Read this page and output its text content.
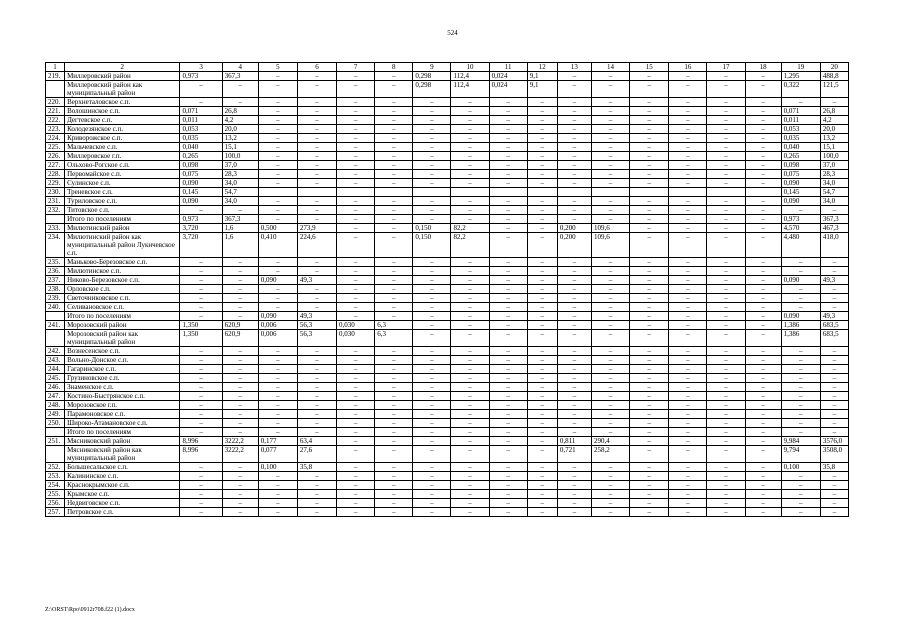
524
1	2	3	4	5	6	7	8	9	10	11	12	13	14	15	16	17	18	19	20
219.	Миллеровский район	0,973	367,3	–	–	–	–	0,298	112,4	0,024	9,1	–	–	–	–	–	–	1,295	488,8
	Миллеровский район как муниципальный район	–	–	–	–	–	–	0,298	112,4	0,024	9,1	–	–	–	–	–	–	0,322	121,5
220.	Верхнеталовское с.п.	–	–	–	–	–	–	–	–	–	–	–	–	–	–	–	–	–	–
221.	Волошинское с.п.	0,071	26,8	–	–	–	–	–	–	–	–	–	–	–	–	–	–	0,071	26,8
222.	Дегтевское с.п.	0,011	4,2	–	–	–	–	–	–	–	–	–	–	–	–	–	–	0,011	4,2
223.	Колодезянское с.п.	0,053	20,0	–	–	–	–	–	–	–	–	–	–	–	–	–	–	0,053	20,0
224.	Криворожское с.п.	0,035	13,2	–	–	–	–	–	–	–	–	–	–	–	–	–	–	0,035	13,2
225.	Мальчевское с.п.	0,040	15,1	–	–	–	–	–	–	–	–	–	–	–	–	–	–	0,040	15,1
226.	Миллеровское г.п.	0,265	100,0	–	–	–	–	–	–	–	–	–	–	–	–	–	–	0,265	100,0
227.	Ольховo-Рогское с.п.	0,098	37,0	–	–	–	–	–	–	–	–	–	–	–	–	–	–	0,098	37,0
228.	Первомайское с.п.	0,075	28,3	–	–	–	–	–	–	–	–	–	–	–	–	–	–	0,075	28,3
229.	Сулинское с.п.	0,090	34,0	–	–	–	–	–	–	–	–	–	–	–	–	–	–	0,090	34,0
230.	Треневское с.п.	0,145	54,7															0,145	54,7
231.	Туриловское с.п.	0,090	34,0	–	–	–	–	–	–	–	–	–	–	–	–	–	–	0,090	34,0
232.	Титовское с.п.	–	–	–	–	–	–	–	–	–	–	–	–	–	–	–	–	–	–
	Итого по поселениям	0,973	367,3	–	–	–	–	–	–	–	–	–	–	–	–	–	–	0,973	367,3
233.	Милютинский район	3,720	1,6	0,500	273,9	–	–	0,150	82,2	–	–	0,200	109,6	–	–	–	–	4,570	467,3
234.	Милютинский район как муниципальный район Лукичевское с.п.	3,720	1,6	0,410	224,6	–	–	0,150	82,2	–	–	0,200	109,6	–	–	–	–	4,480	418,0
235.	Маньково-Березовское с.п.	–	–	–	–	–	–	–	–	–	–	–	–	–	–	–	–	–	–
236.	Милютинское с.п.	–	–	–	–	–	–	–	–	–	–	–	–	–	–	–	–	–	–
237.	Никово-Березовское с.п.	–	–	0,090	49,3	–	–	–	–	–	–	–	–	–	–	–	–	0,090	49,3
238.	Орловское с.п.	–	–	–	–	–	–	–	–	–	–	–	–	–	–	–	–	–	–
239.	Светочниковское с.п.	–	–	–	–	–	–	–	–	–	–	–	–	–	–	–	–	–	–
240.	Селивановское с.п.	–	–	–	–	–	–	–	–	–	–	–	–	–	–	–	–	–	–
	Итого по поселениям	–	–	0,090	49,3	–	–	–	–	–	–	–	–	–	–	–	–	0,090	49,3
241.	Морозовский район	1,350	620,9	0,006	56,3	0,030	6,3	–	–	–	–	–	–	–	–	–	–	1,386	683,5
	Морозовский район как муниципальный район	1,350	620,9	0,006	56,3	0,030	6,3	–	–	–	–	–	–	–	–	–	–	1,386	683,5
242.	Вознесенское с.п.	–	–	–	–	–	–	–	–	–	–	–	–	–	–	–	–	–	–
243.	Вольно-Донское с.п.	–	–	–	–	–	–	–	–	–	–	–	–	–	–	–	–	–	–
244.	Гагаринское с.п.	–	–	–	–	–	–	–	–	–	–	–	–	–	–	–	–	–	–
245.	Грузиновское с.п.	–	–	–	–	–	–	–	–	–	–	–	–	–	–	–	–	–	–
246.	Знаменское с.п.	–	–	–	–	–	–	–	–	–	–	–	–	–	–	–	–	–	–
247.	Костино-Быстрянское с.п.	–	–	–	–	–	–	–	–	–	–	–	–	–	–	–	–	–	–
248.	Морозовское г.п.	–	–	–	–	–	–	–	–	–	–	–	–	–	–	–	–	–	–
249.	Парамоновское с.п.	–	–	–	–	–	–	–	–	–	–	–	–	–	–	–	–	–	–
250.	Широко-Атамановское с.п.	–	–	–	–	–	–	–	–	–	–	–	–	–	–	–	–	–	–
	Итого по поселениям	–	–	–	–	–	–	–	–	–	–	–	–	–	–	–	–	–	–
251.	Мясниковский район	8,996	3222,2	0,177	63,4	–	–	–	–	–	–	0,811	290,4	–	–	–	–	9,984	3576,0
	Мясниковский район как муниципальный район	8,996	3222,2	0,077	27,6	–	–	–	–	–	–	0,721	258,2	–	–	–	–	9,794	3508,0
252.	Большесальское с.п.	–	–	0,100	35,8	–	–	–	–	–	–	–	–	–	–	–	–	0,100	35,8
253.	Калининское с.п.	–	–	–	–	–	–	–	–	–	–	–	–	–	–	–	–	–	–
254.	Краснокрымское с.п.	–	–	–	–	–	–	–	–	–	–	–	–	–	–	–	–	–	–
255.	Крымское с.п.	–	–	–	–	–	–	–	–	–	–	–	–	–	–	–	–	–	–
256.	Недвиговское с.п.	–	–	–	–	–	–	–	–	–	–	–	–	–	–	–	–	–	–
257.	Петровское с.п.	–	–	–	–	–	–	–	–	–	–	–	–	–	–	–	–	–	–
Z:\ORST\Rpo\0912r708.f22 (1).docx
